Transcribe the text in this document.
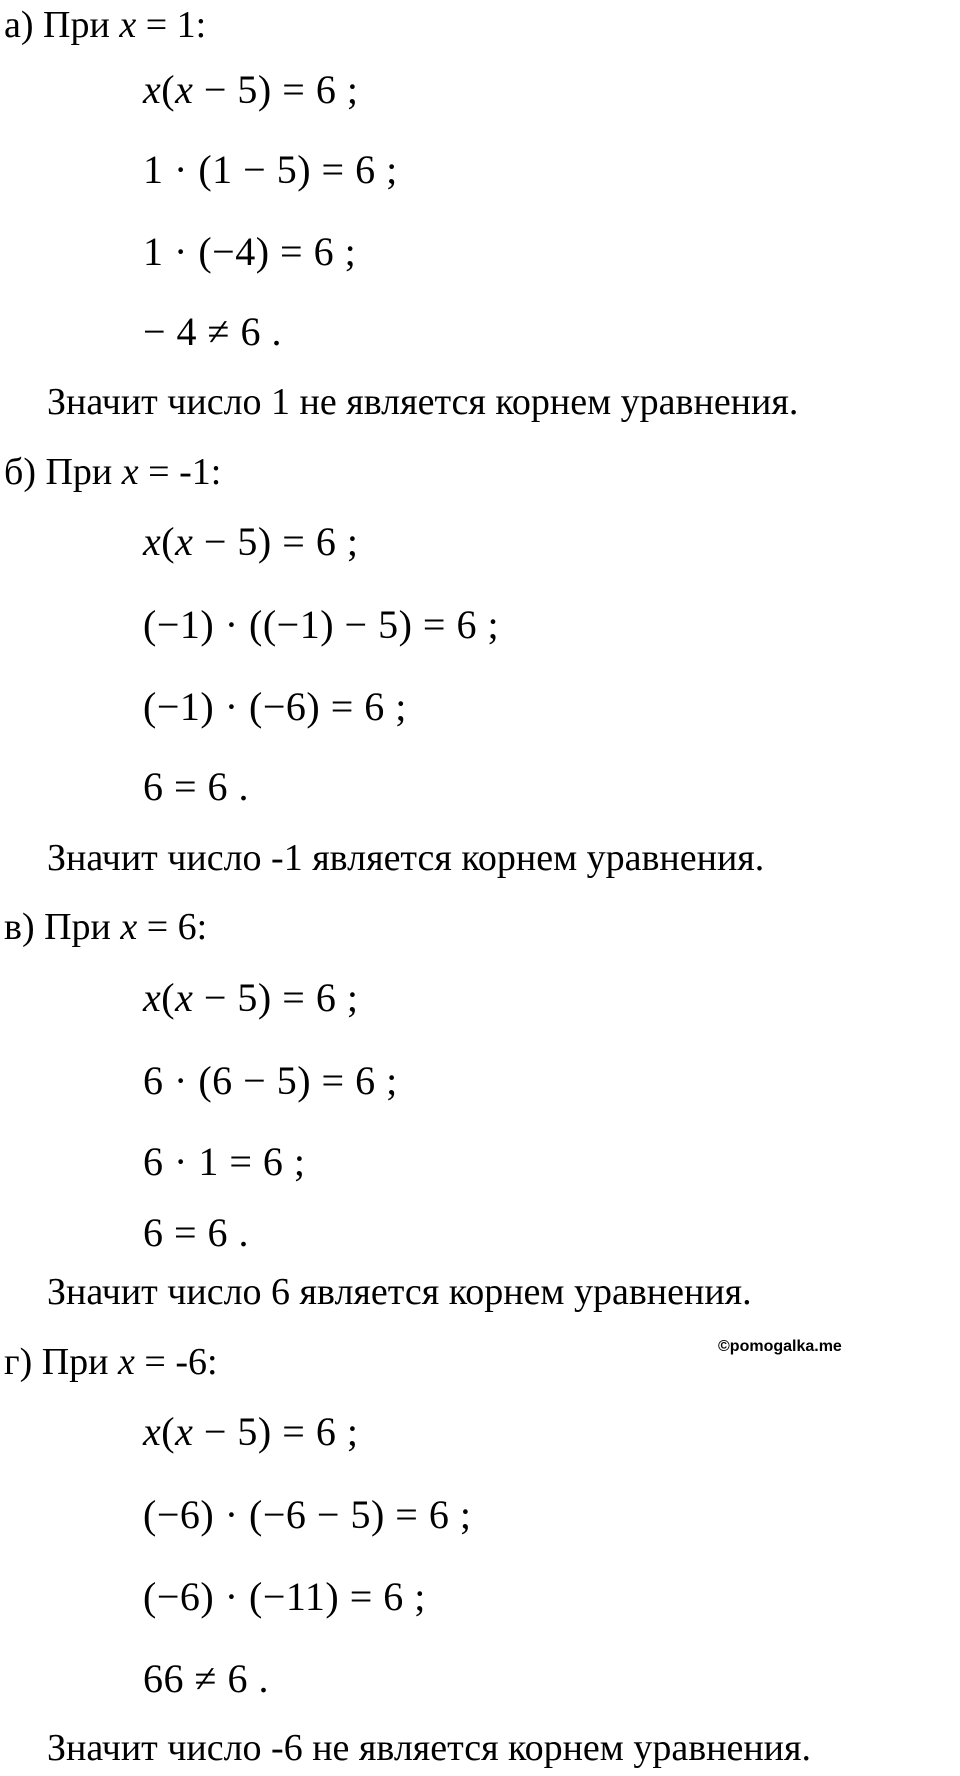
а) При x = 1:
x(x − 5) = 6 ;
1 · (1 − 5) = 6 ;
1 · (−4) = 6 ;
− 4 ≠ 6 .
Значит число 1 не является корнем уравнения.
б) При x = -1:
x(x − 5) = 6 ;
(−1) · ((−1) − 5) = 6 ;
(−1) · (−6) = 6 ;
6 = 6 .
Значит число -1 является корнем уравнения.
в) При x = 6:
x(x − 5) = 6 ;
6 · (6 − 5) = 6 ;
6 · 1 = 6 ;
6 = 6 .
Значит число 6 является корнем уравнения.
©pomogalka.me
г) При x = -6:
x(x − 5) = 6 ;
(−6) · (−6 − 5) = 6 ;
(−6) · (−11) = 6 ;
66 ≠ 6 .
Значит число -6 не является корнем уравнения.
